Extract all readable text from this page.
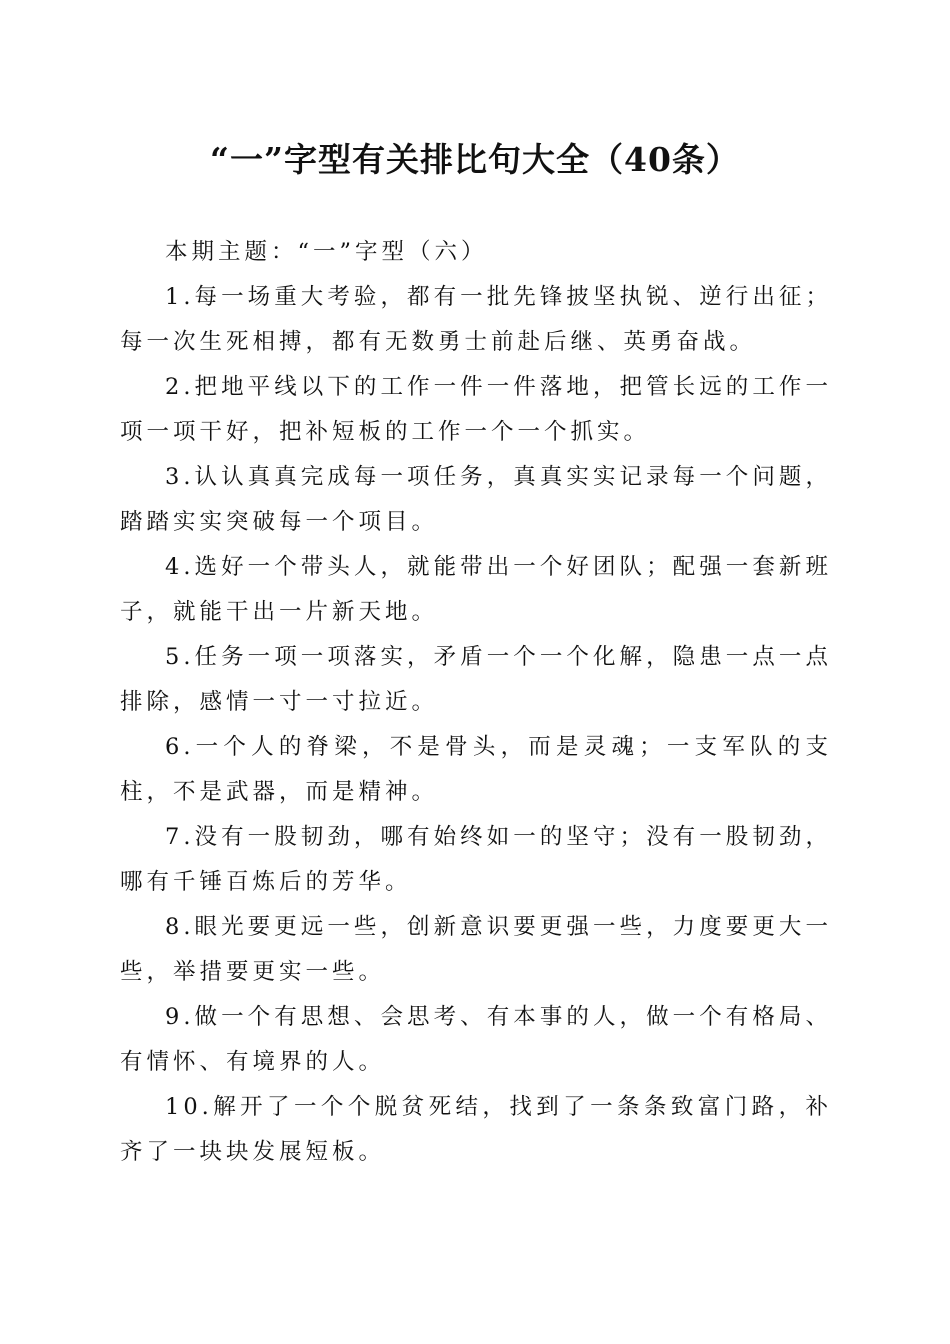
“一”字型有关排比句大全（40条）

本期主题：“一”字型（六）

1.每一场重大考验，都有一批先锋披坚执锐、逆行出征；每一次生死相搏，都有无数勇士前赴后继、英勇奋战。

2.把地平线以下的工作一件一件落地，把管长远的工作一项一项干好，把补短板的工作一个一个抓实。

3.认认真真完成每一项任务，真真实实记录每一个问题，踏踏实实突破每一个项目。

4.选好一个带头人，就能带出一个好团队；配强一套新班子，就能干出一片新天地。

5.任务一项一项落实，矛盾一个一个化解，隐患一点一点排除，感情一寸一寸拉近。

6.一个人的脊梁，不是骨头，而是灵魂；一支军队的支柱，不是武器，而是精神。

7.没有一股韧劲，哪有始终如一的坚守；没有一股韧劲，哪有千锤百炼后的芳华。

8.眼光要更远一些，创新意识要更强一些，力度要更大一些，举措要更实一些。

9.做一个有思想、会思考、有本事的人，做一个有格局、有情怀、有境界的人。

10.解开了一个个脱贫死结，找到了一条条致富门路，补齐了一块块发展短板。
